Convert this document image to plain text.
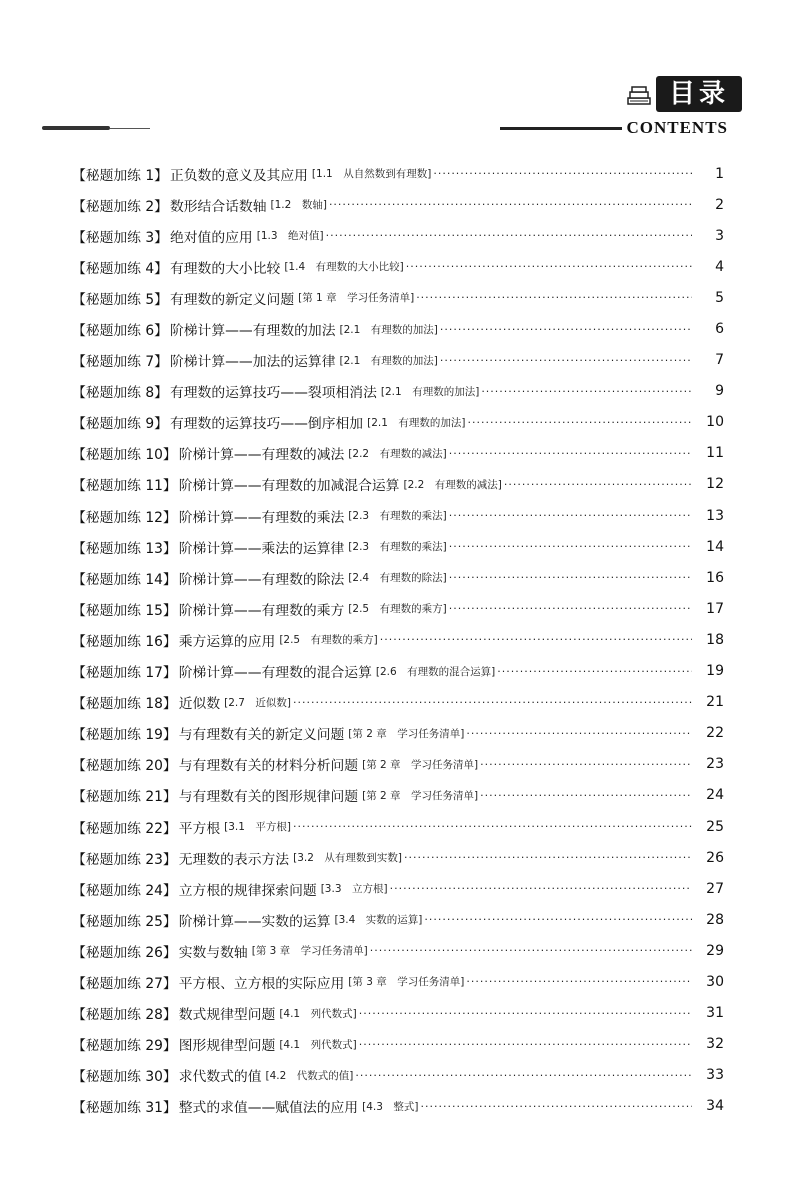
目录
CONTENTS
【秘题加练 1】 正负数的意义及其应用 [1.1　从自然数到有理数] ·····	1
【秘题加练 2】 数形结合话数轴 [1.2　数轴] ·····	2
【秘题加练 3】 绝对值的应用 [1.3　绝对值] ·····	3
【秘题加练 4】 有理数的大小比较 [1.4　有理数的大小比较] ·····	4
【秘题加练 5】 有理数的新定义问题 [第 1 章　学习任务清单] ·····	5
【秘题加练 6】 阶梯计算——有理数的加法 [2.1　有理数的加法] ·····	6
【秘题加练 7】 阶梯计算——加法的运算律 [2.1　有理数的加法] ·····	7
【秘题加练 8】 有理数的运算技巧——裂项相消法 [2.1　有理数的加法] ·····	9
【秘题加练 9】 有理数的运算技巧——倒序相加 [2.1　有理数的加法] ·····	10
【秘题加练 10】 阶梯计算——有理数的减法 [2.2　有理数的减法] ·····	11
【秘题加练 11】 阶梯计算——有理数的加减混合运算 [2.2　有理数的减法] ·····	12
【秘题加练 12】 阶梯计算——有理数的乘法 [2.3　有理数的乘法] ·····	13
【秘题加练 13】 阶梯计算——乘法的运算律 [2.3　有理数的乘法] ·····	14
【秘题加练 14】 阶梯计算——有理数的除法 [2.4　有理数的除法] ·····	16
【秘题加练 15】 阶梯计算——有理数的乘方 [2.5　有理数的乘方] ·····	17
【秘题加练 16】 乘方运算的应用 [2.5　有理数的乘方] ·····	18
【秘题加练 17】 阶梯计算——有理数的混合运算 [2.6　有理数的混合运算] ·····	19
【秘题加练 18】 近似数 [2.7　近似数] ·····	21
【秘题加练 19】 与有理数有关的新定义问题 [第 2 章　学习任务清单] ·····	22
【秘题加练 20】 与有理数有关的材料分析问题 [第 2 章　学习任务清单] ·····	23
【秘题加练 21】 与有理数有关的图形规律问题 [第 2 章　学习任务清单] ·····	24
【秘题加练 22】 平方根 [3.1　平方根] ·····	25
【秘题加练 23】 无理数的表示方法 [3.2　从有理数到实数] ·····	26
【秘题加练 24】 立方根的规律探索问题 [3.3　立方根] ·····	27
【秘题加练 25】 阶梯计算——实数的运算 [3.4　实数的运算] ·····	28
【秘题加练 26】 实数与数轴 [第 3 章　学习任务清单] ·····	29
【秘题加练 27】 平方根、立方根的实际应用 [第 3 章　学习任务清单] ·····	30
【秘题加练 28】 数式规律型问题 [4.1　列代数式] ·····	31
【秘题加练 29】 图形规律型问题 [4.1　列代数式] ·····	32
【秘题加练 30】 求代数式的值 [4.2　代数式的值] ·····	33
【秘题加练 31】 整式的求值——赋值法的应用 [4.3　整式] ·····	34
